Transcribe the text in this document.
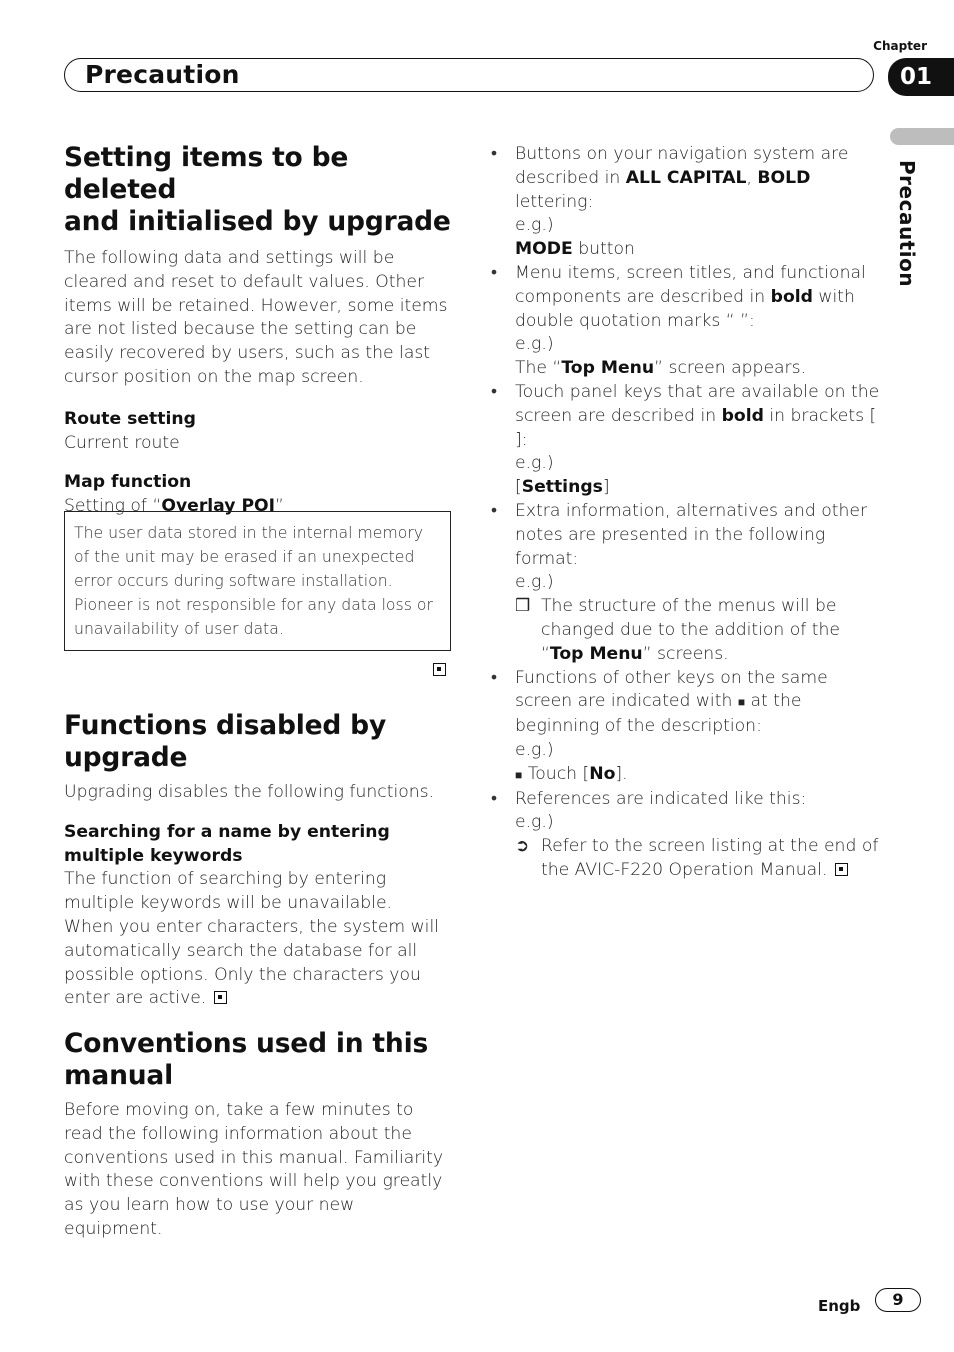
Precaution
Chapter
01
Precaution
Setting items to be deleted
and initialised by upgrade

The following data and settings will be cleared and reset to default values. Other items will be retained. However, some items are not listed because the setting can be easily recovered by users, such as the last cursor position on the map screen.

Route setting

Current route

Map function

Setting of “Overlay POI”

The user data stored in the internal memory of the unit may be erased if an unexpected error occurs during software installation. Pioneer is not responsible for any data loss or unavailability of user data.
Functions disabled by upgrade

Upgrading disables the following functions.

Searching for a name by entering
multiple keywords

The function of searching by entering multiple keywords will be unavailable.

When you enter characters, the system will automatically search the database for all possible options. Only the characters you enter are active.

Conventions used in this
manual

Before moving on, take a few minutes to read the following information about the conventions used in this manual. Familiarity with these conventions will help you greatly as you learn how to use your new equipment.

• Buttons on your navigation system are described in ALL CAPITAL, BOLD lettering:
e.g.)
MODE button
• Menu items, screen titles, and functional components are described in bold with double quotation marks “ ”:
e.g.)
The “Top Menu” screen appears.
• Touch panel keys that are available on the screen are described in bold in brackets [ ]:
e.g.)
[Settings]
• Extra information, alternatives and other notes are presented in the following format:
e.g.)
❒ The structure of the menus will be changed due to the addition of the “Top Menu” screens.
• Functions of other keys on the same screen are indicated with ■ at the beginning of the description:
e.g.)
■ Touch [No].
• References are indicated like this:
e.g.)
➲ Refer to the screen listing at the end of the AVIC-F220 Operation Manual.
Engb	9
